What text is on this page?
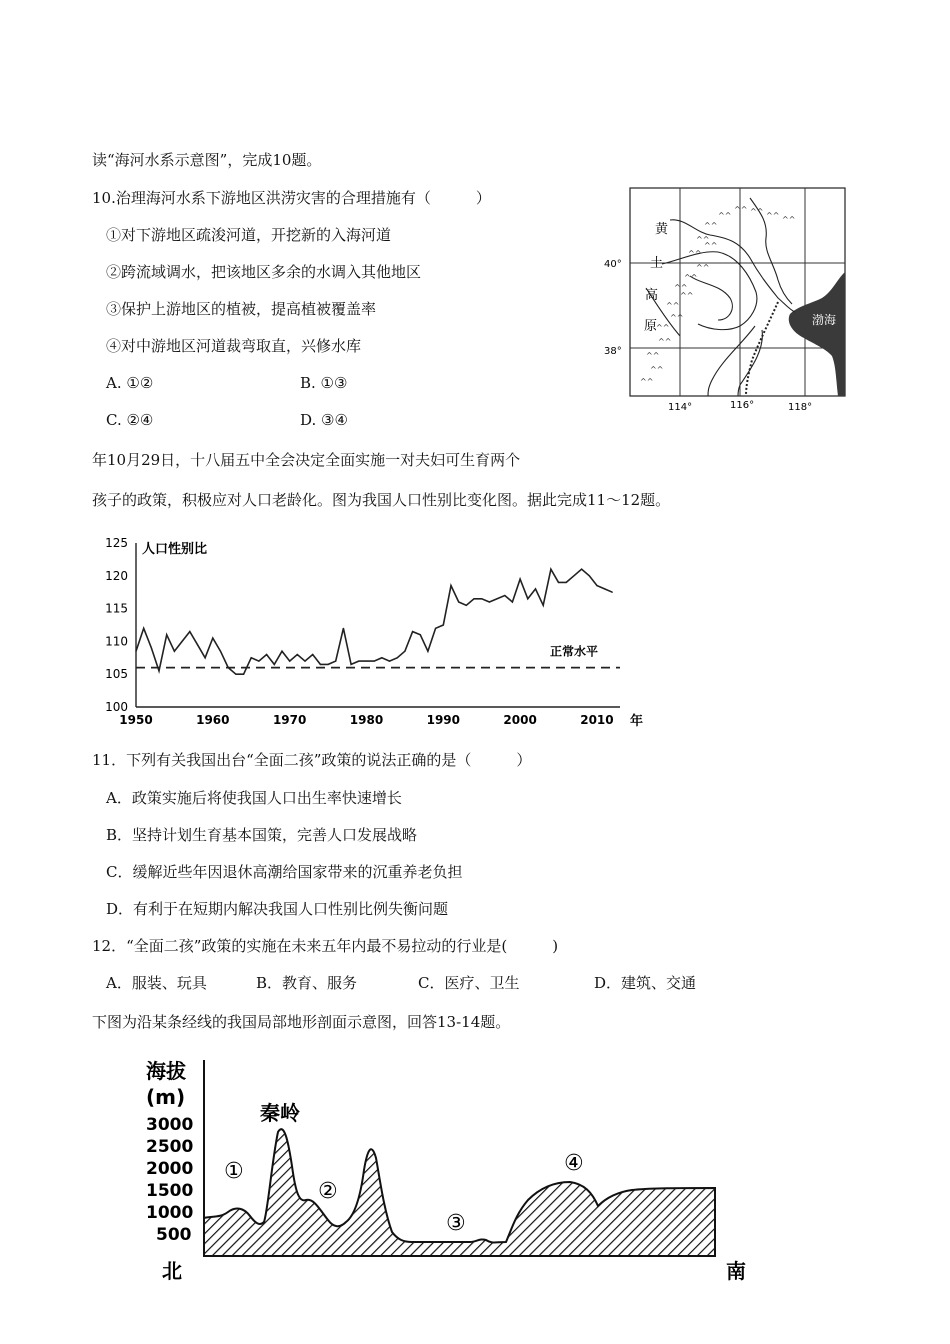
读“海河水系示意图”，完成10题。
10.治理海河水系下游地区洪涝灾害的合理措施有（　　　）
①对下游地区疏浚河道，开挖新的入海河道
②跨流域调水，把该地区多余的水调入其他地区
③保护上游地区的植被，提高植被覆盖率
④对中游地区河道裁弯取直，兴修水库
A. ①②	B. ①③
C. ②④	D. ③④
^^
^^ ^^ ^^ ^^
^^
^^
^^
^^
^^
^^
^^
^^
^^
^^
^^
^^
^^
^^
^^
黄
土
高
原	渤海
40°
38°
114°	116°	118°
年10月29日，十八届五中全会决定全面实施一对夫妇可生育两个
孩子的政策，积极应对人口老龄化。图为我国人口性别比变化图。据此完成11～12题。
125
120
115
110
105
100
1950	1960	1970	1980	1990	2000	2010
正常水平
人口性别比
年
11．下列有关我国出台“全面二孩”政策的说法正确的是（　　　）
A．政策实施后将使我国人口出生率快速增长
B．坚持计划生育基本国策，完善人口发展战略
C．缓解近些年因退休高潮给国家带来的沉重养老负担
D．有利于在短期内解决我国人口性别比例失衡问题
12．“全面二孩”政策的实施在未来五年内最不易拉动的行业是(　　　)
A．服装、玩具	B．教育、服务	C．医疗、卫生	D．建筑、交通
下图为沿某条经线的我国局部地形剖面示意图，回答13-14题。
海拔
(m)
3000
2500
2000
1500
1000
500
北	南
秦岭
①
②
③
④
